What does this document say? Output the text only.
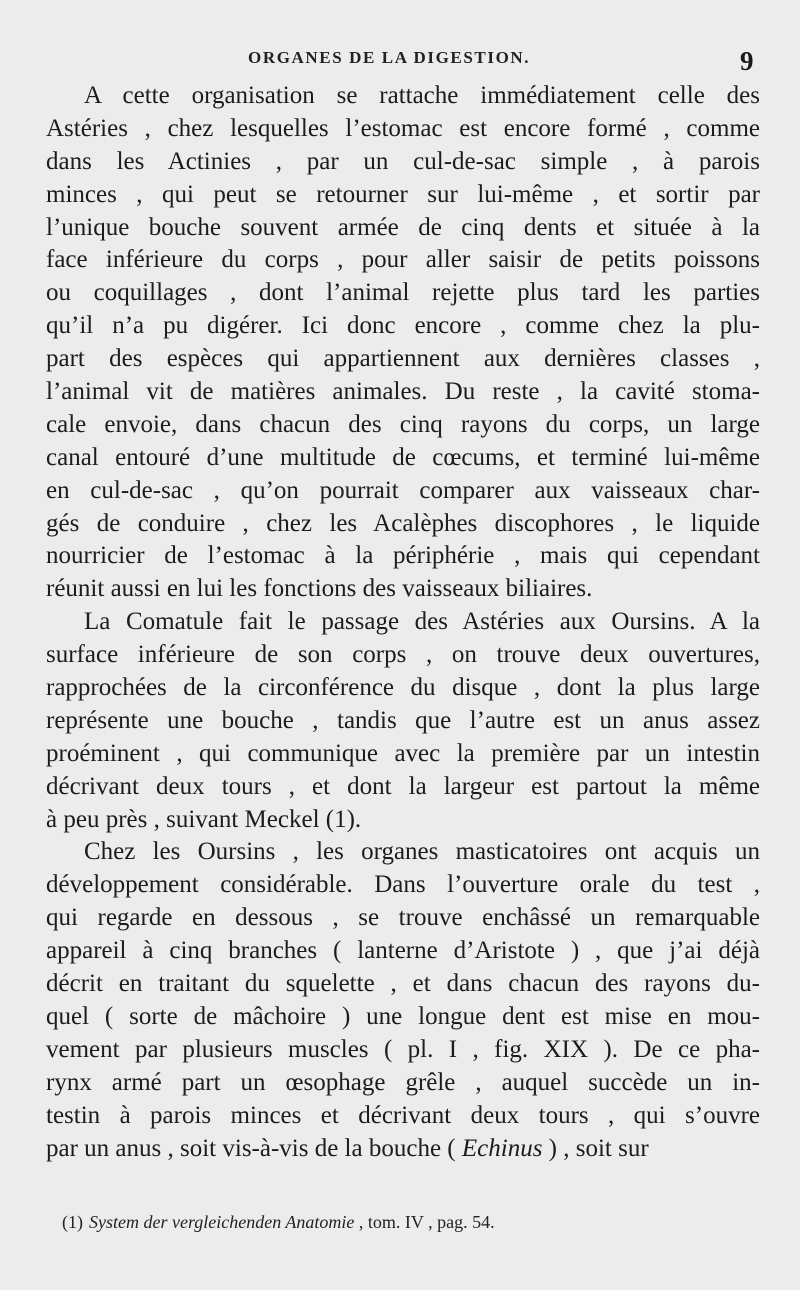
ORGANES DE LA DIGESTION.	9
A cette organisation se rattache immédiatement celle des
Astéries , chez lesquelles l’estomac est encore formé , comme
dans les Actinies , par un cul-de-sac simple , à parois
minces , qui peut se retourner sur lui-même , et sortir par
l’unique bouche souvent armée de cinq dents et située à la
face inférieure du corps , pour aller saisir de petits poissons
ou coquillages , dont l’animal rejette plus tard les parties
qu’il n’a pu digérer. Ici donc encore , comme chez la plu-
part des espèces qui appartiennent aux dernières classes ,
l’animal vit de matières animales. Du reste , la cavité stoma-
cale envoie, dans chacun des cinq rayons du corps, un large
canal entouré d’une multitude de cœcums, et terminé lui-même
en cul-de-sac , qu’on pourrait comparer aux vaisseaux char-
gés de conduire , chez les Acalèphes discophores , le liquide
nourricier de l’estomac à la périphérie , mais qui cependant
réunit aussi en lui les fonctions des vaisseaux biliaires.
La Comatule fait le passage des Astéries aux Oursins. A la
surface inférieure de son corps , on trouve deux ouvertures,
rapprochées de la circonférence du disque , dont la plus large
représente une bouche , tandis que l’autre est un anus assez
proéminent , qui communique avec la première par un intestin
décrivant deux tours , et dont la largeur est partout la même
à peu près , suivant Meckel (1).
Chez les Oursins , les organes masticatoires ont acquis un
développement considérable. Dans l’ouverture orale du test ,
qui regarde en dessous , se trouve enchâssé un remarquable
appareil à cinq branches ( lanterne d’Aristote ) , que j’ai déjà
décrit en traitant du squelette , et dans chacun des rayons du-
quel ( sorte de mâchoire ) une longue dent est mise en mou-
vement par plusieurs muscles ( pl. I , fig. XIX ). De ce pha-
rynx armé part un œsophage grêle , auquel succède un in-
testin à parois minces et décrivant deux tours , qui s’ouvre
par un anus , soit vis-à-vis de la bouche ( Echinus ) , soit sur
(1) System der vergleichenden Anatomie , tom. IV , pag. 54.
